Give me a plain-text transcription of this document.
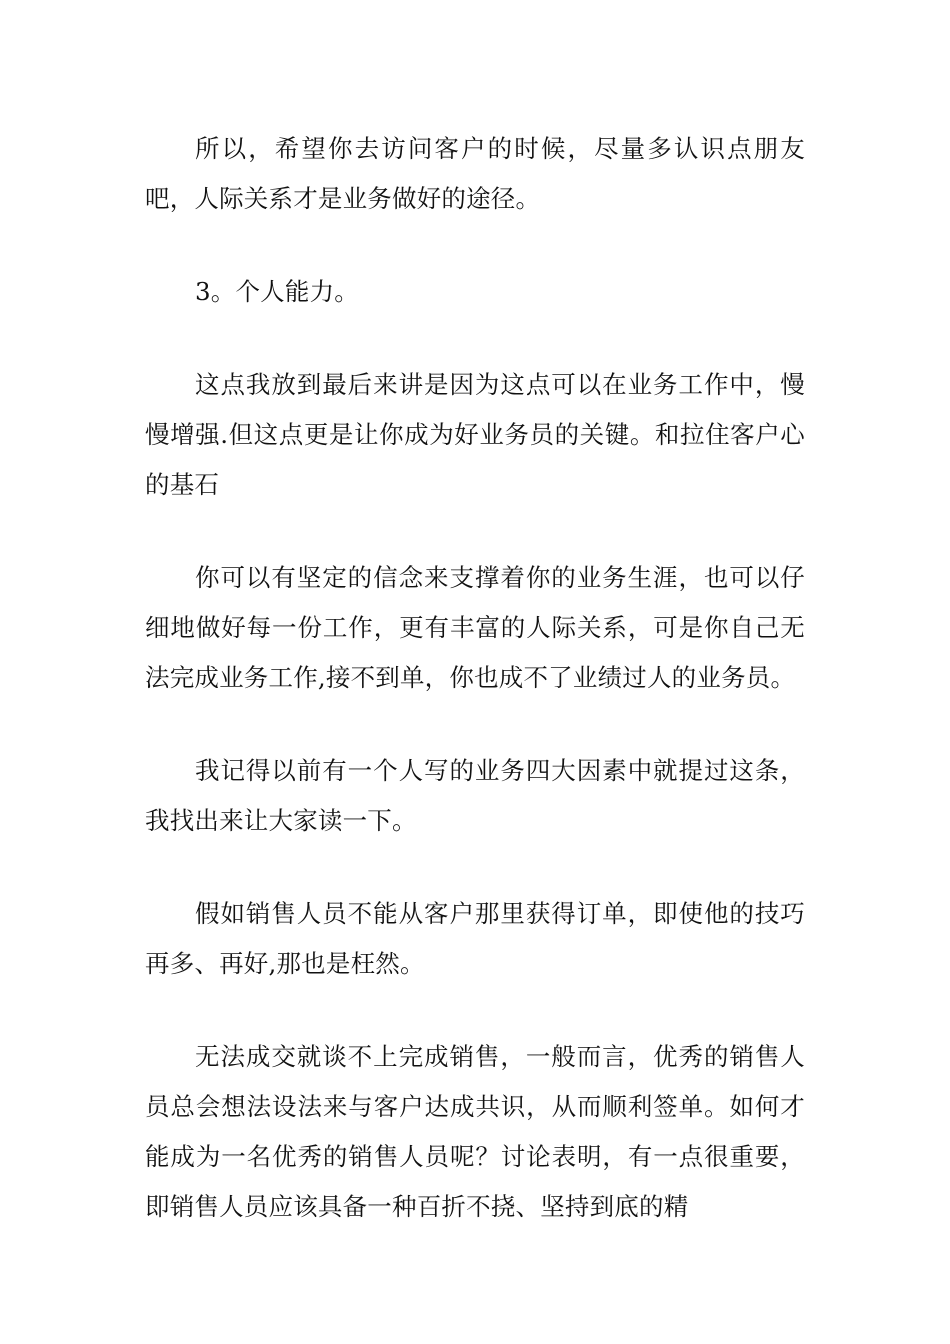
所以，希望你去访问客户的时候，尽量多认识点朋友吧，人际关系才是业务做好的途径。

3。个人能力。

这点我放到最后来讲是因为这点可以在业务工作中，慢慢增强.但这点更是让你成为好业务员的关键。和拉住客户心的基石

你可以有坚定的信念来支撑着你的业务生涯，也可以仔细地做好每一份工作，更有丰富的人际关系，可是你自己无法完成业务工作,接不到单，你也成不了业绩过人的业务员。

我记得以前有一个人写的业务四大因素中就提过这条，我找出来让大家读一下。

假如销售人员不能从客户那里获得订单，即使他的技巧再多、再好,那也是枉然。

无法成交就谈不上完成销售，一般而言，优秀的销售人员总会想法设法来与客户达成共识，从而顺利签单。如何才能成为一名优秀的销售人员呢？讨论表明，有一点很重要，即销售人员应该具备一种百折不挠、坚持到底的精
